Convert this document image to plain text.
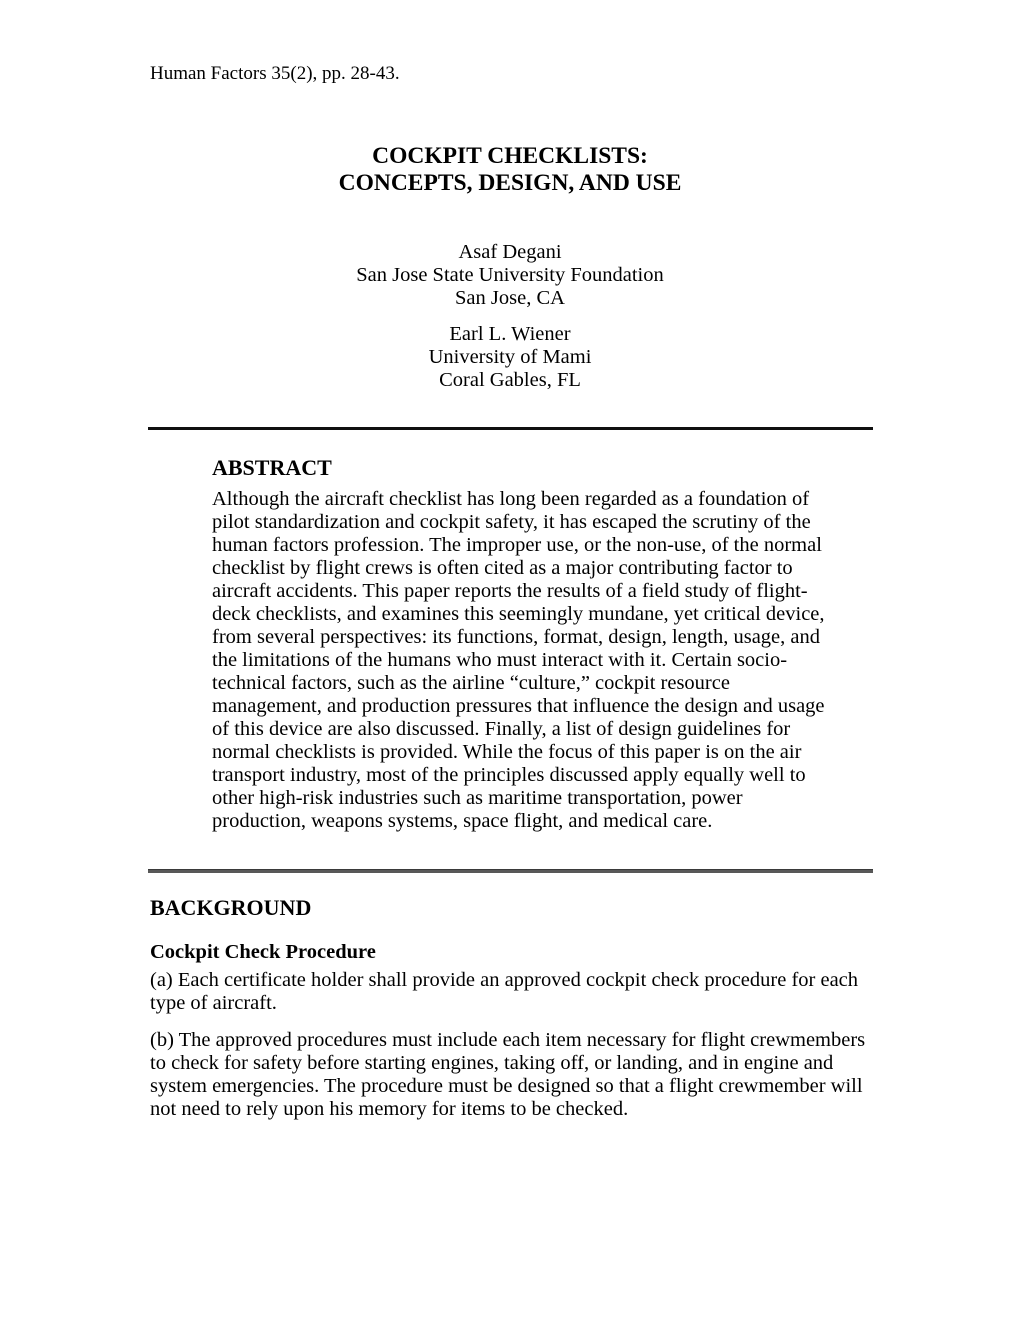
Human Factors 35(2), pp. 28-43.
COCKPIT CHECKLISTS:
CONCEPTS, DESIGN, AND USE
Asaf Degani
San Jose State University Foundation
San Jose, CA
Earl L. Wiener
University of Mami
Coral Gables, FL
ABSTRACT
Although the aircraft checklist has long been regarded as a foundation of pilot standardization and cockpit safety, it has escaped the scrutiny of the human factors profession. The improper use, or the non-use, of the normal checklist by flight crews is often cited as a major contributing factor to aircraft accidents. This paper reports the results of a field study of flight-deck checklists, and examines this seemingly mundane, yet critical device, from several perspectives: its functions, format, design, length, usage, and the limitations of the humans who must interact with it. Certain socio-technical factors, such as the airline “culture,” cockpit resource management, and production pressures that influence the design and usage of this device are also discussed. Finally, a list of design guidelines for normal checklists is provided. While the focus of this paper is on the air transport industry, most of the principles discussed apply equally well to other high-risk industries such as maritime transportation, power production, weapons systems, space flight, and medical care.
BACKGROUND
Cockpit Check Procedure
(a) Each certificate holder shall provide an approved cockpit check procedure for each type of aircraft.
(b) The approved procedures must include each item necessary for flight crewmembers to check for safety before starting engines, taking off, or landing, and in engine and system emergencies. The procedure must be designed so that a flight crewmember will not need to rely upon his memory for items to be checked.
